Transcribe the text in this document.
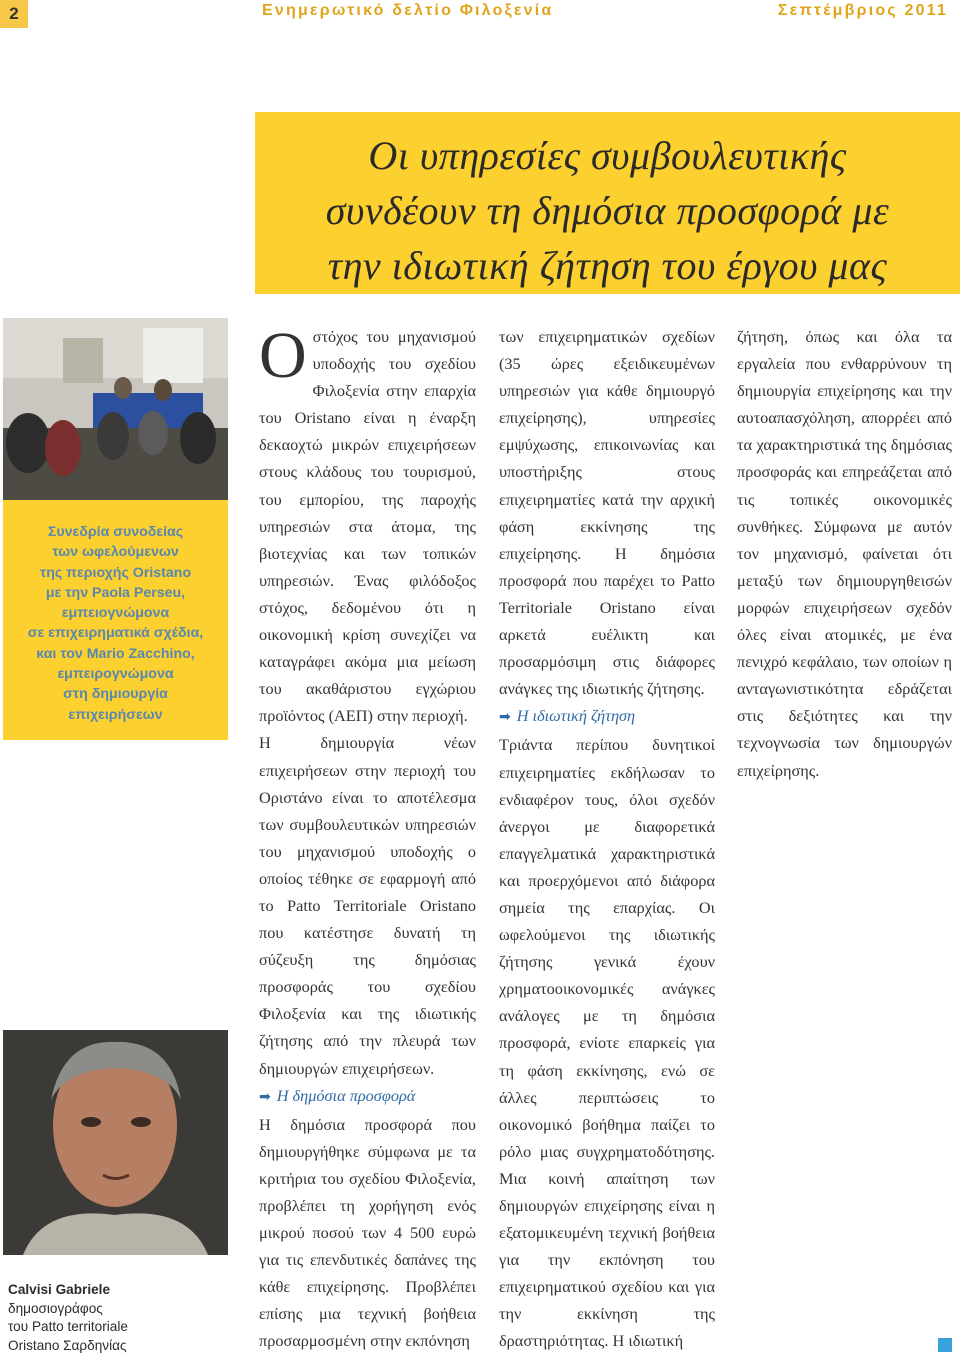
2	Ενημερωτικό δελτίο Φιλοξενία	Σεπτέμβριος 2011
Οι υπηρεσίες συμβουλευτικής
συνδέουν τη δημόσια προσφορά με
την ιδιωτική ζήτηση του έργου μας

Συνεδρία συνοδείας
των ωφελούμενων
της περιοχής Oristano
με την Paola Perseu,
εμπειογνώμονα
σε επιχειρηματικά σχέδια,
και τον Mario Zacchino,
εμπειρογνώμονα
στη δημιουργία
επιχειρήσεων

Calvisi Gabriele
δημοσιογράφος
του Patto territoriale
Oristano Σαρδηνίας

Οστόχος του μηχανισμού υποδοχής του σχεδίου Φιλοξενία στην επαρχία του Oristano είναι η έναρξη δεκαοχτώ μικρών επιχειρήσεων στους κλάδους του τουρισμού, του εμπορίου, της παροχής υπηρεσιών στα άτομα, της βιοτεχνίας και των τοπικών υπηρεσιών. Ένας φιλόδοξος στόχος, δεδομένου ότι η οικονομική κρίση συνεχίζει να καταγράφει ακόμα μια μείωση του ακαθάριστου εγχώριου προϊόντος (ΑΕΠ) στην περιοχή.

Η δημιουργία νέων επιχειρήσεων στην περιοχή του Οριστάνο είναι το αποτέλεσμα των συμβουλευτικών υπηρεσιών του μηχανισμού υποδοχής ο οποίος τέθηκε σε εφαρμογή από το Patto Territoriale Oristano που κατέστησε δυνατή τη σύζευξη της δημόσιας προσφοράς του σχεδίου Φιλοξενία και της ιδιωτικής ζήτησης από την πλευρά των δημιουργών επιχειρήσεων.

➡ Η δημόσια προσφορά

Η δημόσια προσφορά που δημιουργήθηκε σύμφωνα με τα κριτήρια του σχεδίου Φιλοξενία, προβλέπει τη χορήγηση ενός μικρού ποσού των 4 500 ευρώ για τις επενδυτικές δαπάνες της κάθε επιχείρησης. Προβλέπει επίσης μια τεχνική βοήθεια προσαρμοσμένη στην εκπόνηση

των επιχειρηματικών σχεδίων (35 ώρες εξειδικευμένων υπηρεσιών για κάθε δημιουργό επιχείρησης), υπηρεσίες εμψύχωσης, επικοινωνίας και υποστήριξης στους επιχειρηματίες κατά την αρχική φάση εκκίνησης της επιχείρησης. Η δημόσια προσφορά που παρέχει το Patto Territoriale Oristano είναι αρκετά ευέλικτη και προσαρμόσιμη στις διάφορες ανάγκες της ιδιωτικής ζήτησης.

➡ Η ιδιωτική ζήτηση

Τριάντα περίπου δυνητικοί επιχειρηματίες εκδήλωσαν το ενδιαφέρον τους, όλοι σχεδόν άνεργοι με διαφορετικά επαγγελματικά χαρακτηριστικά και προερχόμενοι από διάφορα σημεία της επαρχίας. Οι ωφελούμενοι της ιδιωτικής ζήτησης γενικά έχουν χρηματοοικονομικές ανάγκες ανάλογες με τη δημόσια προσφορά, ενίοτε επαρκείς για τη φάση εκκίνησης, ενώ σε άλλες περιπτώσεις το οικονομικό βοήθημα παίζει το ρόλο μιας συγχρηματοδότησης. Μια κοινή απαίτηση των δημιουργών επιχείρησης είναι η εξατομικευμένη τεχνική βοήθεια για την εκπόνηση του επιχειρηματικού σχεδίου και για την εκκίνηση της δραστηριότητας. Η ιδιωτική

ζήτηση, όπως και όλα τα εργαλεία που ενθαρρύνουν τη δημιουργία επιχείρησης και την αυτοαπασχόληση, απορρέει από τα χαρακτηριστικά της δημόσιας προσφοράς και επηρεάζεται από τις τοπικές οικονομικές συνθήκες. Σύμφωνα με αυτόν τον μηχανισμό, φαίνεται ότι μεταξύ των δημιουργηθεισών μορφών επιχειρήσεων σχεδόν όλες είναι ατομικές, με ένα πενιχρό κεφάλαιο, των οποίων η ανταγωνιστικότητα εδράζεται στις δεξιότητες και την τεχνογνωσία των δημιουργών επιχείρησης.
